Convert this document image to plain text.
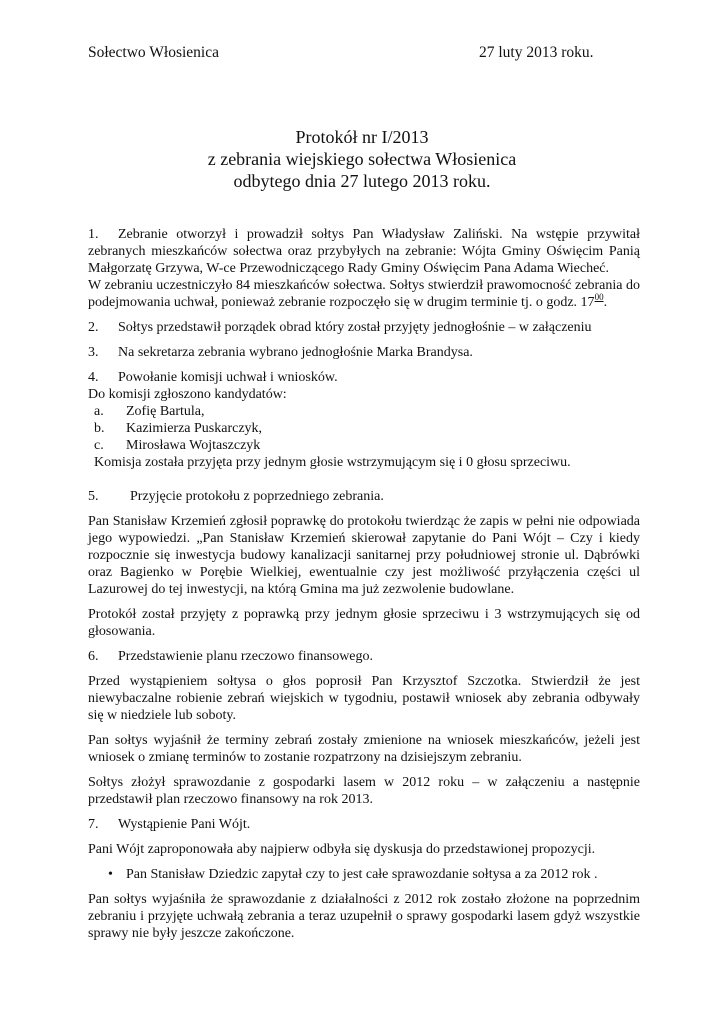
Sołectwo Włosienica	27 luty 2013 roku.
Protokół nr I/2013
z zebrania wiejskiego sołectwa Włosienica
odbytego dnia 27 lutego 2013 roku.

1. Zebranie otworzył i prowadził sołtys Pan Władysław Zaliński. Na wstępie przywitał zebranych mieszkańców sołectwa oraz przybyłych na zebranie: Wójta Gminy Oświęcim Panią Małgorzatę Grzywa, W-ce Przewodniczącego Rady Gminy Oświęcim Pana Adama Wiecheć.

W zebraniu uczestniczyło 84 mieszkańców sołectwa. Sołtys stwierdził prawomocność zebrania do podejmowania uchwał, ponieważ zebranie rozpoczęło się w drugim terminie tj. o godz. $17^{00}$.

2. Sołtys przedstawił porządek obrad który został przyjęty jednogłośnie – w załączeniu

3. Na sekretarza zebrania wybrano jednogłośnie Marka Brandysa.

4. Powołanie komisji uchwał i wniosków.
Do komisji zgłoszono kandydatów:
a. Zofię Bartula,
b. Kazimierza Puskarczyk,
c. Mirosława Wojtaszczyk
Komisja została przyjęta przy jednym głosie wstrzymującym się i 0 głosu sprzeciwu.

5. Przyjęcie protokołu z poprzedniego zebrania.

Pan Stanisław Krzemień zgłosił poprawkę do protokołu twierdząc że zapis w pełni nie odpowiada jego wypowiedzi. „Pan Stanisław Krzemień skierował zapytanie do Pani Wójt – Czy i kiedy rozpocznie się inwestycja budowy kanalizacji sanitarnej przy południowej stronie ul. Dąbrówki oraz Bagienko w Porębie Wielkiej, ewentualnie czy jest możliwość przyłączenia części ul Lazurowej do tej inwestycji, na którą Gmina ma już zezwolenie budowlane.

Protokół został przyjęty z poprawką przy jednym głosie sprzeciwu i 3 wstrzymujących się od głosowania.

6. Przedstawienie planu rzeczowo finansowego.

Przed wystąpieniem sołtysa o głos poprosił Pan Krzysztof Szczotka. Stwierdził że jest niewybaczalne robienie zebrań wiejskich w tygodniu, postawił wniosek aby zebrania odbywały się w niedziele lub soboty.

Pan sołtys wyjaśnił że terminy zebrań zostały zmienione na wniosek mieszkańców, jeżeli jest wniosek o zmianę terminów to zostanie rozpatrzony na dzisiejszym zebraniu.

Sołtys złożył sprawozdanie z gospodarki lasem w 2012 roku – w załączeniu a następnie przedstawił plan rzeczowo finansowy na rok 2013.

7. Wystąpienie Pani Wójt.

Pani Wójt zaproponowała aby najpierw odbyła się dyskusja do przedstawionej propozycji.

• Pan Stanisław Dziedzic zapytał czy to jest całe sprawozdanie sołtysa a za 2012 rok .

Pan sołtys wyjaśniła że sprawozdanie z działalności z 2012 rok zostało złożone na poprzednim zebraniu i przyjęte uchwałą zebrania a teraz uzupełnił o sprawy gospodarki lasem gdyż wszystkie sprawy nie były jeszcze zakończone.
